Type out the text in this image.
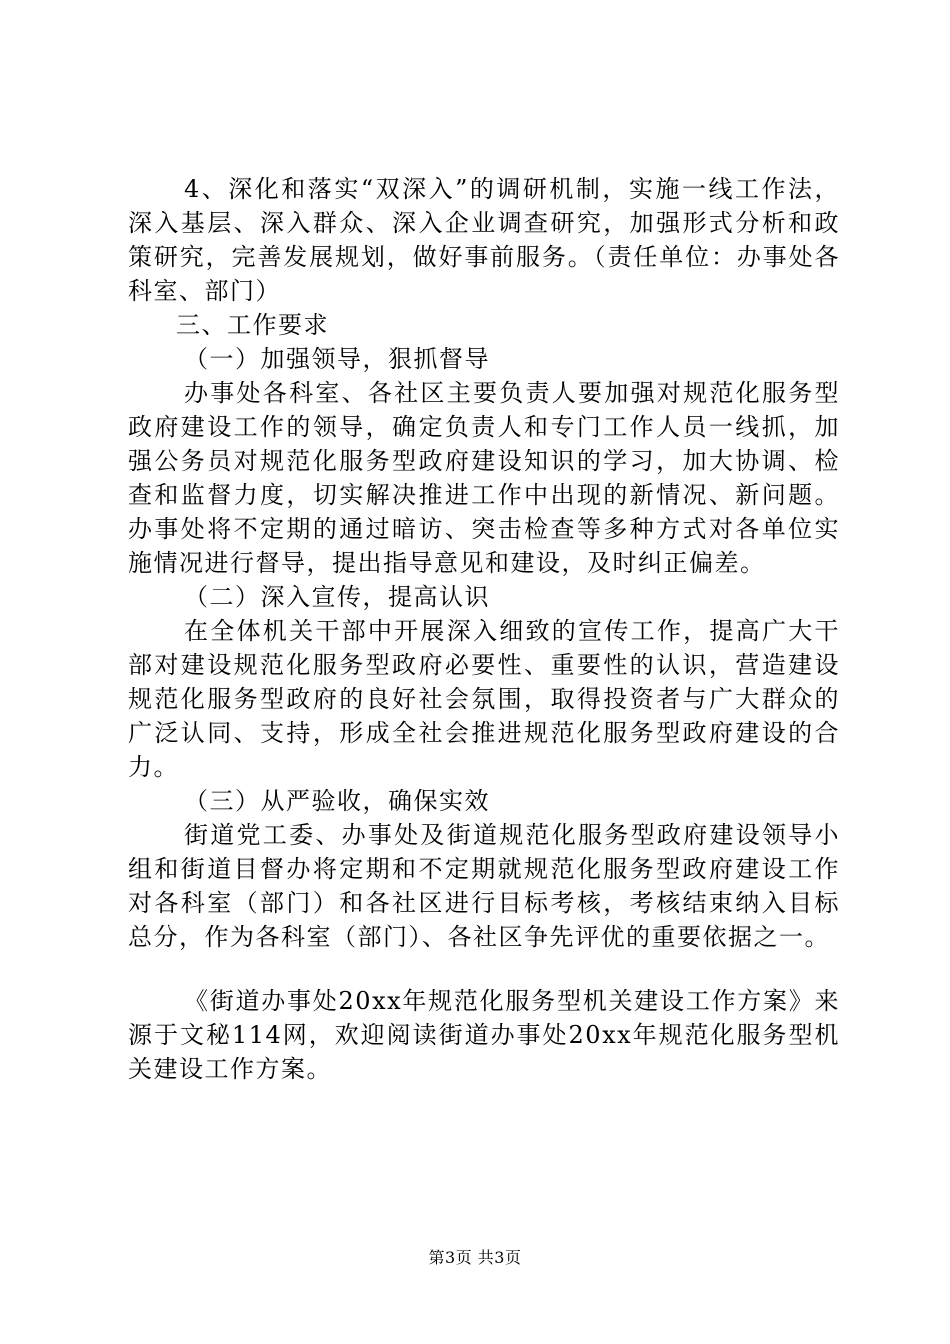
4、深化和落实“双深入”的调研机制，实施一线工作法，深入基层、深入群众、深入企业调查研究，加强形式分析和政策研究，完善发展规划，做好事前服务。（责任单位：办事处各科室、部门）

三、工作要求

（一）加强领导，狠抓督导

办事处各科室、各社区主要负责人要加强对规范化服务型政府建设工作的领导，确定负责人和专门工作人员一线抓，加强公务员对规范化服务型政府建设知识的学习，加大协调、检查和监督力度，切实解决推进工作中出现的新情况、新问题。办事处将不定期的通过暗访、突击检查等多种方式对各单位实施情况进行督导，提出指导意见和建设，及时纠正偏差。

（二）深入宣传，提高认识

在全体机关干部中开展深入细致的宣传工作，提高广大干部对建设规范化服务型政府必要性、重要性的认识，营造建设规范化服务型政府的良好社会氛围，取得投资者与广大群众的广泛认同、支持，形成全社会推进规范化服务型政府建设的合力。

（三）从严验收，确保实效

街道党工委、办事处及街道规范化服务型政府建设领导小组和街道目督办将定期和不定期就规范化服务型政府建设工作对各科室（部门）和各社区进行目标考核，考核结束纳入目标总分，作为各科室（部门）、各社区争先评优的重要依据之一。

《街道办事处20xx年规范化服务型机关建设工作方案》来源于文秘114网，欢迎阅读街道办事处20xx年规范化服务型机关建设工作方案。

第3页 共3页
